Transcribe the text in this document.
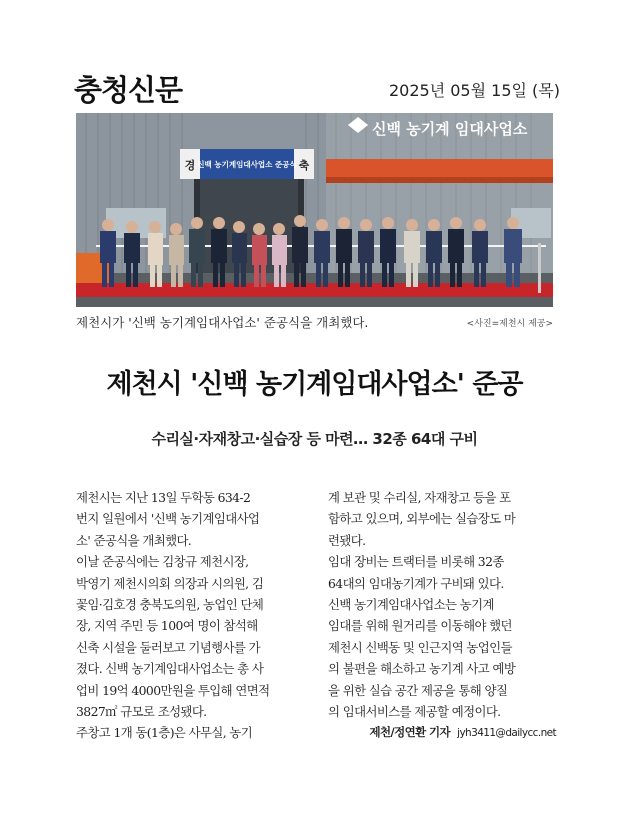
충청신문	2025년 05월 15일 (목)
신백 농기계 임대사업소
경	축
신백 농기계임대사업소 준공식
제천시가 '신백 농기계임대사업소' 준공식을 개최했다.	<사진=제천시 제공>
제천시 '신백 농기계임대사업소' 준공
수리실·자재창고·실습장 등 마련… 32종 64대 구비
제천시는 지난 13일 두학동 634-2
번지 일원에서 '신백 농기계임대사업
소' 준공식을 개최했다.
이날 준공식에는 김창규 제천시장,
박영기 제천시의회 의장과 시의원, 김
꽃임·김호경 충북도의원, 농업인 단체
장, 지역 주민 등 100여 명이 참석해
신축 시설을 둘러보고 기념행사를 가
졌다. 신백 농기계임대사업소는 총 사
업비 19억 4000만원을 투입해 연면적
3827㎡ 규모로 조성됐다.
주창고 1개 동(1층)은 사무실, 농기
계 보관 및 수리실, 자재창고 등을 포
함하고 있으며, 외부에는 실습장도 마
련됐다.
임대 장비는 트랙터를 비롯해 32종
64대의 임대농기계가 구비돼 있다.
신백 농기계임대사업소는 농기계
임대를 위해 원거리를 이동해야 했던
제천시 신백동 및 인근지역 농업인들
의 불편을 해소하고 농기계 사고 예방
을 위한 실습 공간 제공을 통해 양질
의 임대서비스를 제공할 예정이다.
제천/정연환 기자 jyh3411@dailycc.net
